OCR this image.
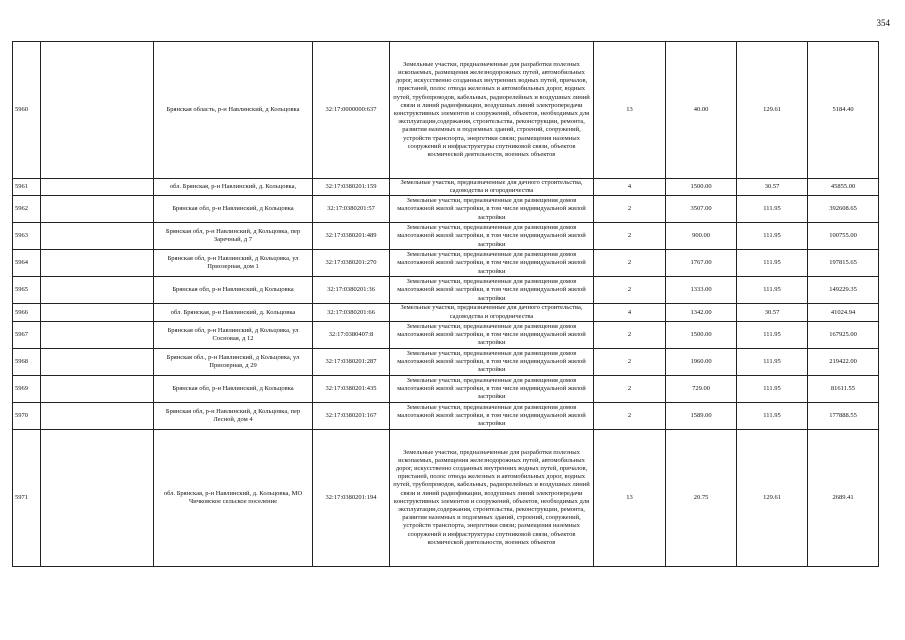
354
5960		Брянская область, р-н Навлинский, д Кольцовка	32:17:0000000:637	Земельные участки, предназначенные для разработки полезных ископаемых, размещения железнодорожных путей, автомобильных дорог, искусственно созданных внутренних водных путей, причалов, пристаней, полос отвода железных и автомобильных дорог, водных путей, трубопроводов, кабельных, радиорелейных и воздушных линий связи и линий радиофикации, воздушных линий электропередачи конструктивных элементов и сооружений, объектов, необходимых для эксплуатации,содержания, строительства, реконструкции, ремонта, развития наземных и подземных зданий, строений, сооружений, устройств транспорта, энергетики связи; размещения наземных сооружений и инфраструктуры спутниковой связи, объектов космической деятельности, военных объектов	13	40.00	129.61	5184.40
5961		обл. Брянская, р-н Навлинский, д. Кольцовка,	32:17:0380201:159	Земельные участки, предназначенные для дачного строительства, садоводства и огородничества	4	1500.00	30.57	45855.00
5962		Брянская обл, р-н Навлинский, д Кольцовка	32:17:0380201:57	Земельные участки, предназначенные для размещения домов малоэтажной жилой застройки, в том числе индивидуальной жилой застройки	2	3507.00	111.95	392608.65
5963		Брянская обл, р-н Навлинский, д Кольцовка, пер Заречный, д 7	32:17:0380201:489	Земельные участки, предназначенные для размещения домов малоэтажной жилой застройки, в том числе индивидуальной жилой застройки	2	900.00	111.95	100755.00
5964		Брянская обл, р-н Навлинский, д Кольцовка, ул Приозерная, дом 1	32:17:0380201:270	Земельные участки, предназначенные для размещения домов малоэтажной жилой застройки, в том числе индивидуальной жилой застройки	2	1767.00	111.95	197815.65
5965		Брянская обл, р-н Навлинский, д Кольцовка	32:17:0380201:36	Земельные участки, предназначенные для размещения домов малоэтажной жилой застройки, в том числе индивидуальной жилой застройки	2	1333.00	111.95	149229.35
5966		обл. Брянская, р-н Навлинский, д. Кольцовка	32:17:0380201:66	Земельные участки, предназначенные для дачного строительства, садоводства и огородничества	4	1342.00	30.57	41024.94
5967		Брянская обл, р-н Навлинский, д Кольцовка, ул Сосновая, д 12	32:17:0380407:8	Земельные участки, предназначенные для размещения домов малоэтажной жилой застройки, в том числе индивидуальной жилой застройки	2	1500.00	111.95	167925.00
5968		Брянская обл., р-н Навлинский, д Кольцовка, ул Приозерная, д 29	32:17:0380201:287	Земельные участки, предназначенные для размещения домов малоэтажной жилой застройки, в том числе индивидуальной жилой застройки	2	1960.00	111.95	219422.00
5969		Брянская обл, р-н Навлинский, д Кольцовка	32:17:0380201:435	Земельные участки, предназначенные для размещения домов малоэтажной жилой застройки, в том числе индивидуальной жилой застройки	2	729.00	111.95	81611.55
5970		Брянская обл, р-н Навлинский, д Кольцовка, пер Лесной, дом 4	32:17:0380201:167	Земельные участки, предназначенные для размещения домов малоэтажной жилой застройки, в том числе индивидуальной жилой застройки	2	1589.00	111.95	177888.55
5971		обл. Брянская, р-н Навлинский, д. Кольцовка, МО Чичковское сельское поселение	32:17:0380201:194	Земельные участки, предназначенные для разработки полезных ископаемых, размещения железнодорожных путей, автомобильных дорог, искусственно созданных внутренних водных путей, причалов, пристаней, полос отвода железных и автомобильных дорог, водных путей, трубопроводов, кабельных, радиорелейных и воздушных линий связи и линий радиофикации, воздушных линий электропередачи конструктивных элементов и сооружений, объектов, необходимых для эксплуатации,содержания, строительства, реконструкции, ремонта, развития наземных и подземных зданий, строений, сооружений, устройств транспорта, энергетики связи; размещения наземных сооружений и инфраструктуры спутниковой связи, объектов космической деятельности, военных объектов	13	20.75	129.61	2689.41
